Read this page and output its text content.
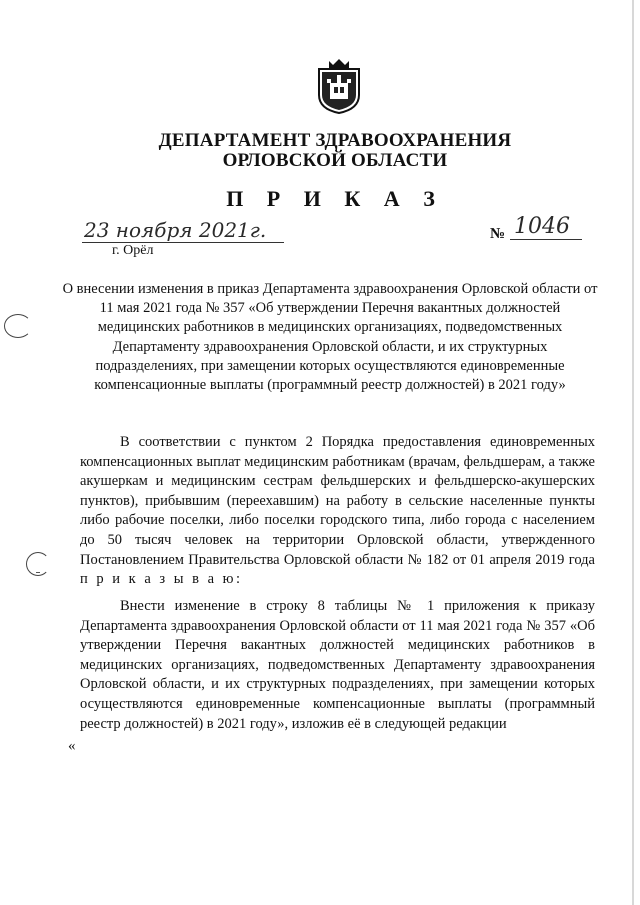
ДЕПАРТАМЕНТ ЗДРАВООХРАНЕНИЯ
ОРЛОВСКОЙ ОБЛАСТИ
П Р И К А З
23 ноября 2021г.
г. Орёл
№ 1046
О внесении изменения в приказ Департамента здравоохранения Орловской области от 11 мая 2021 года № 357 «Об утверждении Перечня вакантных должностей медицинских работников в медицинских организациях, подведомственных Департаменту здравоохранения Орловской области, и их структурных подразделениях, при замещении которых осуществляются единовременные компенсационные выплаты (программный реестр должностей) в 2021 году»
В соответствии с пунктом 2 Порядка предоставления единовременных компенсационных выплат медицинским работникам (врачам, фельдшерам, а также акушеркам и медицинским сестрам фельдшерских и фельдшерско-акушерских пунктов), прибывшим (переехавшим) на работу в сельские населенные пункты либо рабочие поселки, либо поселки городского типа, либо города с населением до 50 тысяч человек на территории Орловской области, утвержденного Постановлением Правительства Орловской области № 182 от 01 апреля 2019 года п р и к а з ы в а ю:
Внести изменение в строку 8 таблицы № 1 приложения к приказу Департамента здравоохранения Орловской области от 11 мая 2021 года № 357 «Об утверждении Перечня вакантных должностей медицинских работников в медицинских организациях, подведомственных Департаменту здравоохранения Орловской области, и их структурных подразделениях, при замещении которых осуществляются единовременные компенсационные выплаты (программный реестр должностей) в 2021 году», изложив её в следующей редакции
«
